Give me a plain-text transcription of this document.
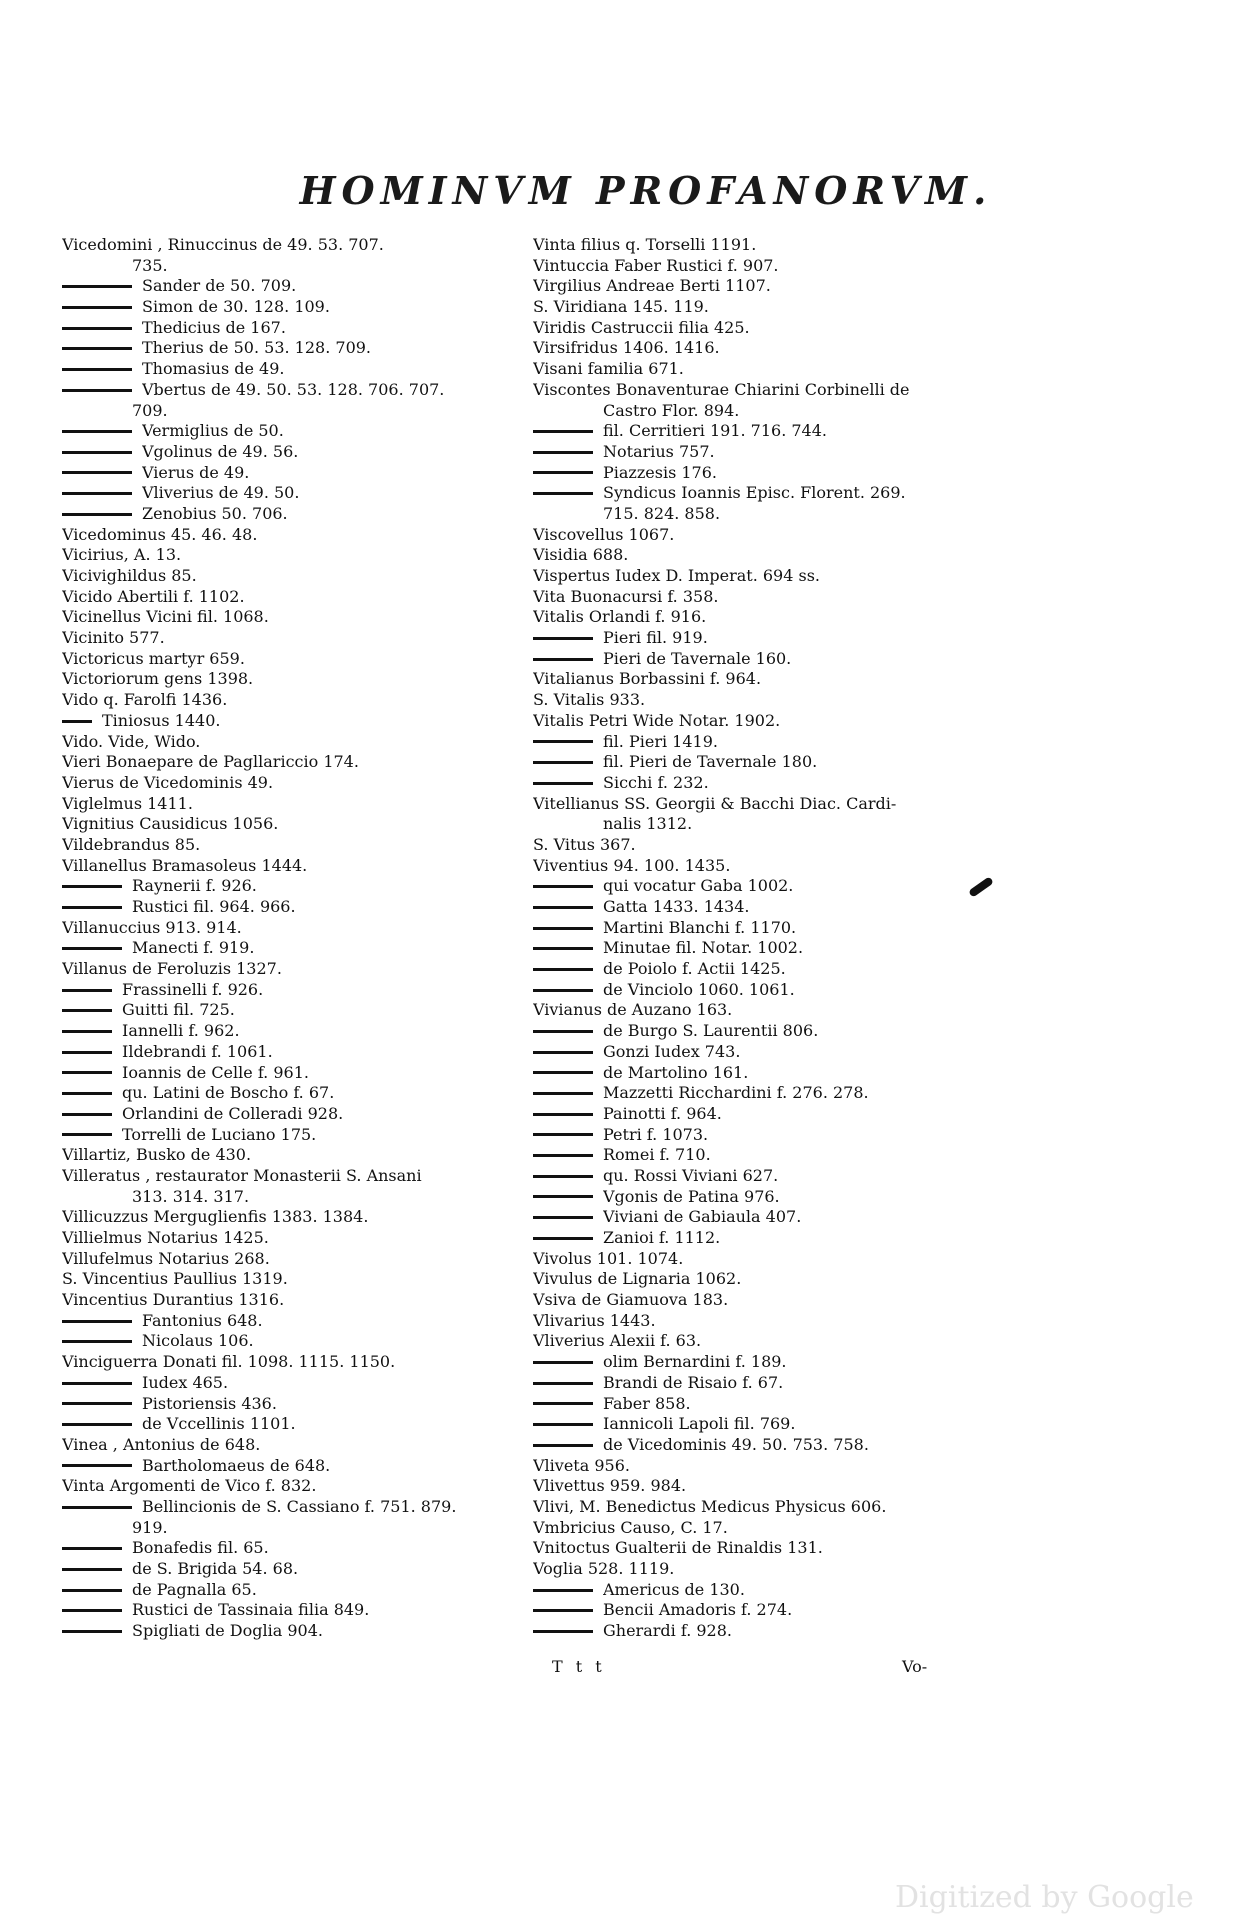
HOMINVM PROFANORVM.
Vicedomini , Rinuccinus de 49. 53. 707.
735.
Sander de 50. 709.
Simon de 30. 128. 109.
Thedicius de 167.
Therius de 50. 53. 128. 709.
Thomasius de 49.
Vbertus de 49. 50. 53. 128. 706. 707.
709.
Vermiglius de 50.
Vgolinus de 49. 56.
Vierus de 49.
Vliverius de 49. 50.
Zenobius 50. 706.
Vicedominus 45. 46. 48.
Vicirius, A. 13.
Vicivighildus 85.
Vicido Abertili f. 1102.
Vicinellus Vicini fil. 1068.
Vicinito 577.
Victoricus martyr 659.
Victoriorum gens 1398.
Vido q. Farolfi 1436.
Tiniosus 1440.
Vido. Vide, Wido.
Vieri Bonaepare de Pagllariccio 174.
Vierus de Vicedominis 49.
Viglelmus 1411.
Vignitius Causidicus 1056.
Vildebrandus 85.
Villanellus Bramasoleus 1444.
Raynerii f. 926.
Rustici fil. 964. 966.
Villanuccius 913. 914.
Manecti f. 919.
Villanus de Feroluzis 1327.
Frassinelli f. 926.
Guitti fil. 725.
Iannelli f. 962.
Ildebrandi f. 1061.
Ioannis de Celle f. 961.
qu. Latini de Boscho f. 67.
Orlandini de Colleradi 928.
Torrelli de Luciano 175.
Villartiz, Busko de 430.
Villeratus , restaurator Monasterii S. Ansani
313. 314. 317.
Villicuzzus Merguglienfis 1383. 1384.
Villielmus Notarius 1425.
Villufelmus Notarius 268.
S. Vincentius Paullius 1319.
Vincentius Durantius 1316.
Fantonius 648.
Nicolaus 106.
Vinciguerra Donati fil. 1098. 1115. 1150.
Iudex 465.
Pistoriensis 436.
de Vccellinis 1101.
Vinea , Antonius de 648.
Bartholomaeus de 648.
Vinta Argomenti de Vico f. 832.
Bellincionis de S. Cassiano f. 751. 879.
919.
Bonafedis fil. 65.
de S. Brigida 54. 68.
de Pagnalla 65.
Rustici de Tassinaia filia 849.
Spigliati de Doglia 904.
Vinta filius q. Torselli 1191.
Vintuccia Faber Rustici f. 907.
Virgilius Andreae Berti 1107.
S. Viridiana 145. 119.
Viridis Castruccii filia 425.
Virsifridus 1406. 1416.
Visani familia 671.
Viscontes Bonaventurae Chiarini Corbinelli de
Castro Flor. 894.
fil. Cerritieri 191. 716. 744.
Notarius 757.
Piazzesis 176.
Syndicus Ioannis Episc. Florent. 269.
715. 824. 858.
Viscovellus 1067.
Visidia 688.
Vispertus Iudex D. Imperat. 694 ss.
Vita Buonacursi f. 358.
Vitalis Orlandi f. 916.
Pieri fil. 919.
Pieri de Tavernale 160.
Vitalianus Borbassini f. 964.
S. Vitalis 933.
Vitalis Petri Wide Notar. 1902.
fil. Pieri 1419.
fil. Pieri de Tavernale 180.
Sicchi f. 232.
Vitellianus SS. Georgii & Bacchi Diac. Cardi-
nalis 1312.
S. Vitus 367.
Viventius 94. 100. 1435.
qui vocatur Gaba 1002.
Gatta 1433. 1434.
Martini Blanchi f. 1170.
Minutae fil. Notar. 1002.
de Poiolo f. Actii 1425.
de Vinciolo 1060. 1061.
Vivianus de Auzano 163.
de Burgo S. Laurentii 806.
Gonzi Iudex 743.
de Martolino 161.
Mazzetti Ricchardini f. 276. 278.
Painotti f. 964.
Petri f. 1073.
Romei f. 710.
qu. Rossi Viviani 627.
Vgonis de Patina 976.
Viviani de Gabiaula 407.
Zanioi f. 1112.
Vivolus 101. 1074.
Vivulus de Lignaria 1062.
Vsiva de Giamuova 183.
Vlivarius 1443.
Vliverius Alexii f. 63.
olim Bernardini f. 189.
Brandi de Risaio f. 67.
Faber 858.
Iannicoli Lapoli fil. 769.
de Vicedominis 49. 50. 753. 758.
Vliveta 956.
Vlivettus 959. 984.
Vlivi, M. Benedictus Medicus Physicus 606.
Vmbricius Causo, C. 17.
Vnitoctus Gualterii de Rinaldis 131.
Voglia 528. 1119.
Americus de 130.
Bencii Amadoris f. 274.
Gherardi f. 928.
T t t	Vo-
Digitized by Google
